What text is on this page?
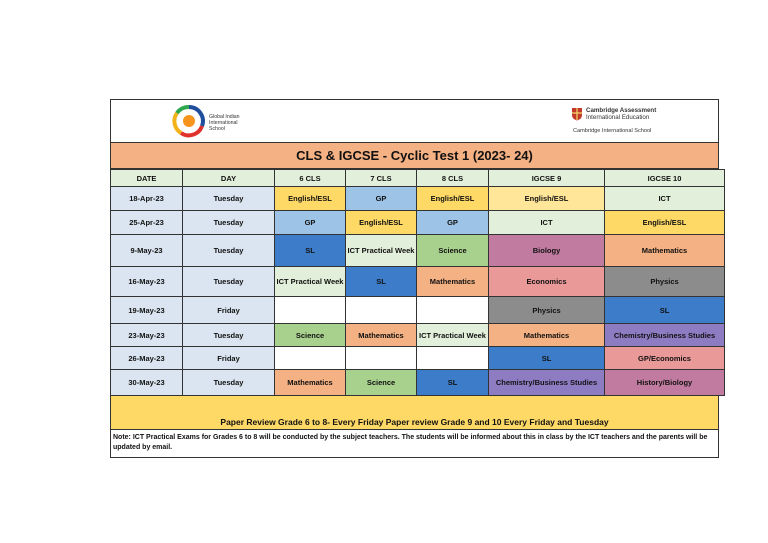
Global Indian
International
School
Cambridge Assessment
International Education
Cambridge International School
CLS & IGCSE - Cyclic Test 1 (2023- 24)
DATE	DAY	6 CLS	7 CLS	8 CLS	IGCSE 9	IGCSE 10
18-Apr-23	Tuesday	English/ESL	GP	English/ESL	English/ESL	ICT
25-Apr-23	Tuesday	GP	English/ESL	GP	ICT	English/ESL
9-May-23	Tuesday	SL	ICT Practical Week	Science	Biology	Mathematics
16-May-23	Tuesday	ICT Practical Week	SL	Mathematics	Economics	Physics
19-May-23	Friday				Physics	SL
23-May-23	Tuesday	Science	Mathematics	ICT Practical Week	Mathematics	Chemistry/Business Studies
26-May-23	Friday				SL	GP/Economics
30-May-23	Tuesday	Mathematics	Science	SL	Chemistry/Business Studies	History/Biology
Paper Review Grade 6 to 8- Every Friday Paper review Grade 9 and 10 Every Friday and Tuesday
Note: ICT Practical Exams for Grades 6 to 8 will be conducted by the subject teachers. The students will be informed about this in class by the ICT teachers and the parents will be updated by email.
